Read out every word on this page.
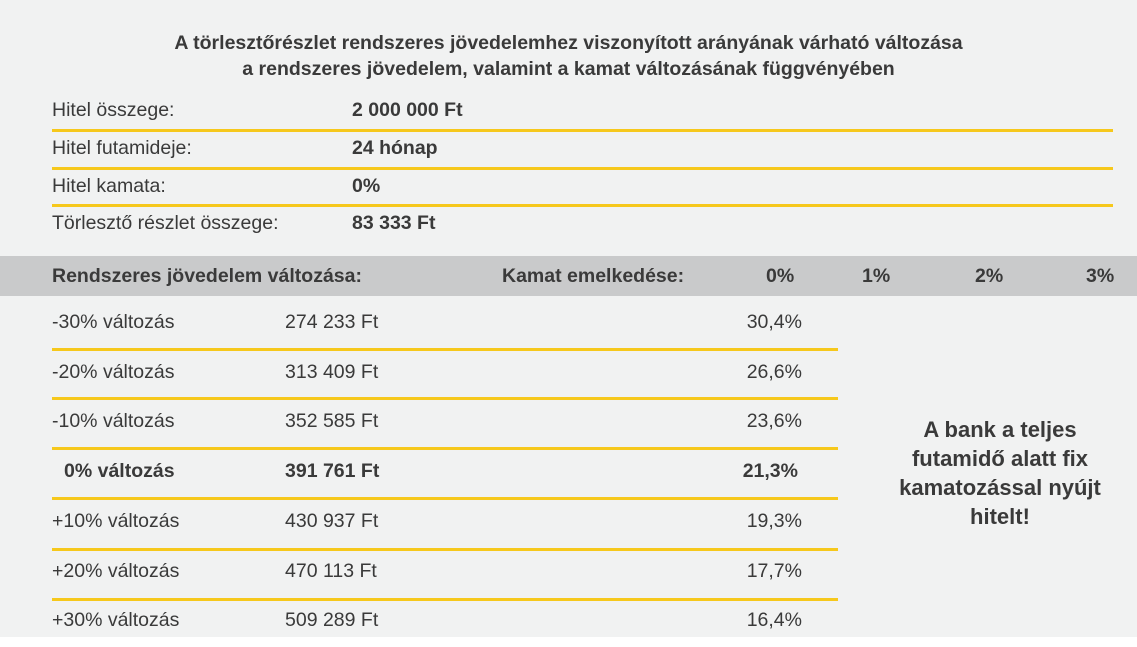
A törlesztőrészlet rendszeres jövedelemhez viszonyított arányának várható változása
a rendszeres jövedelem, valamint a kamat változásának függvényében
Hitel összege:	2 000 000 Ft
Hitel futamideje:	24 hónap
Hitel kamata:	0%
Törlesztő részlet összege:	83 333 Ft
Rendszeres jövedelem változása:	Kamat emelkedése:	0%	1%	2%	3%
-30% változás	274 233 Ft	30,4%
-20% változás	313 409 Ft	26,6%
-10% változás	352 585 Ft	23,6%
0% változás	391 761 Ft	21,3%
+10% változás	430 937 Ft	19,3%
+20% változás	470 113 Ft	17,7%
+30% változás	509 289 Ft	16,4%
A bank a teljes
futamidő alatt fix
kamatozással nyújt
hitelt!
